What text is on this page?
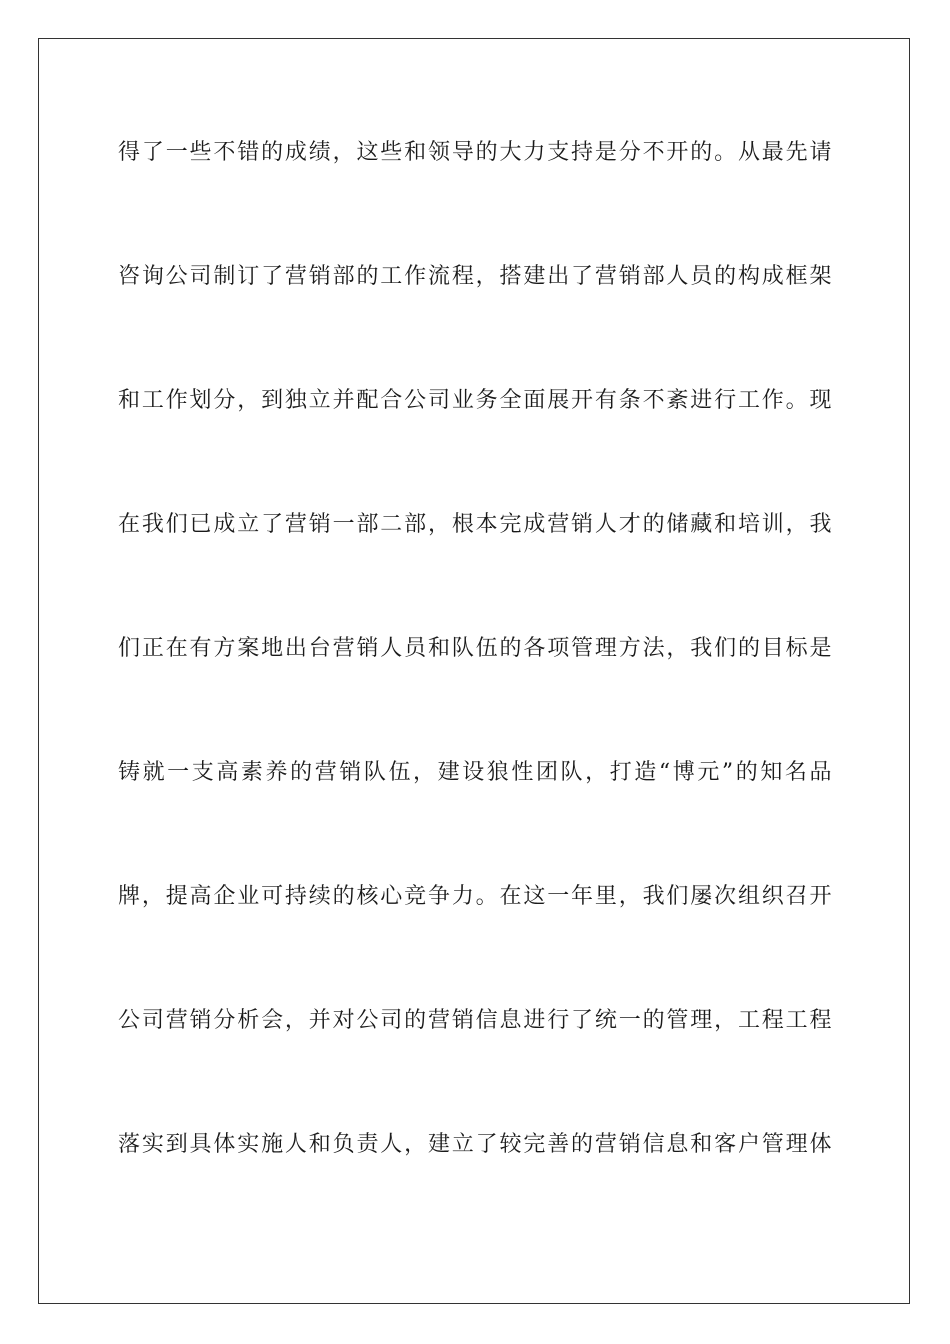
得了一些不错的成绩，这些和领导的大力支持是分不开的。从最先请
咨询公司制订了营销部的工作流程，搭建出了营销部人员的构成框架
和工作划分，到独立并配合公司业务全面展开有条不紊进行工作。现
在我们已成立了营销一部二部，根本完成营销人才的储藏和培训，我
们正在有方案地出台营销人员和队伍的各项管理方法，我们的目标是
铸就一支高素养的营销队伍，建设狼性团队，打造“博元”的知名品
牌，提高企业可持续的核心竞争力。在这一年里，我们屡次组织召开
公司营销分析会，并对公司的营销信息进行了统一的管理，工程工程
落实到具体实施人和负责人，建立了较完善的营销信息和客户管理体
